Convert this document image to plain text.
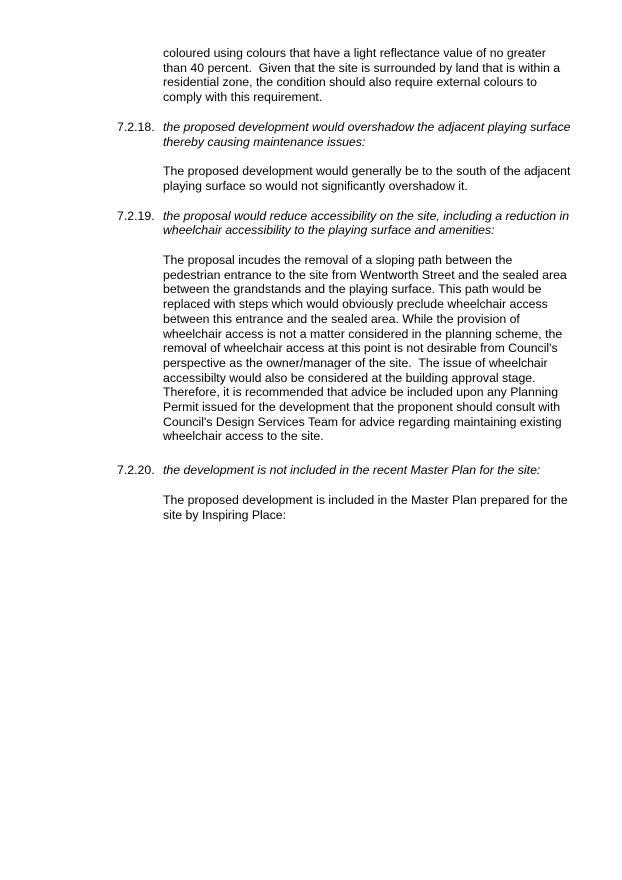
coloured using colours that have a light reflectance value of no greater than 40 percent.  Given that the site is surrounded by land that is within a residential zone, the condition should also require external colours to comply with this requirement.

7.2.18. the proposed development would overshadow the adjacent playing surface thereby causing maintenance issues:

The proposed development would generally be to the south of the adjacent playing surface so would not significantly overshadow it.

7.2.19. the proposal would reduce accessibility on the site, including a reduction in wheelchair accessibility to the playing surface and amenities:

The proposal incudes the removal of a sloping path between the pedestrian entrance to the site from Wentworth Street and the sealed area between the grandstands and the playing surface. This path would be replaced with steps which would obviously preclude wheelchair access between this entrance and the sealed area. While the provision of wheelchair access is not a matter considered in the planning scheme, the removal of wheelchair access at this point is not desirable from Council's perspective as the owner/manager of the site.  The issue of wheelchair accessibilty would also be considered at the building approval stage. Therefore, it is recommended that advice be included upon any Planning Permit issued for the development that the proponent should consult with Council's Design Services Team for advice regarding maintaining existing wheelchair access to the site.

7.2.20. the development is not included in the recent Master Plan for the site:

The proposed development is included in the Master Plan prepared for the site by Inspiring Place:
